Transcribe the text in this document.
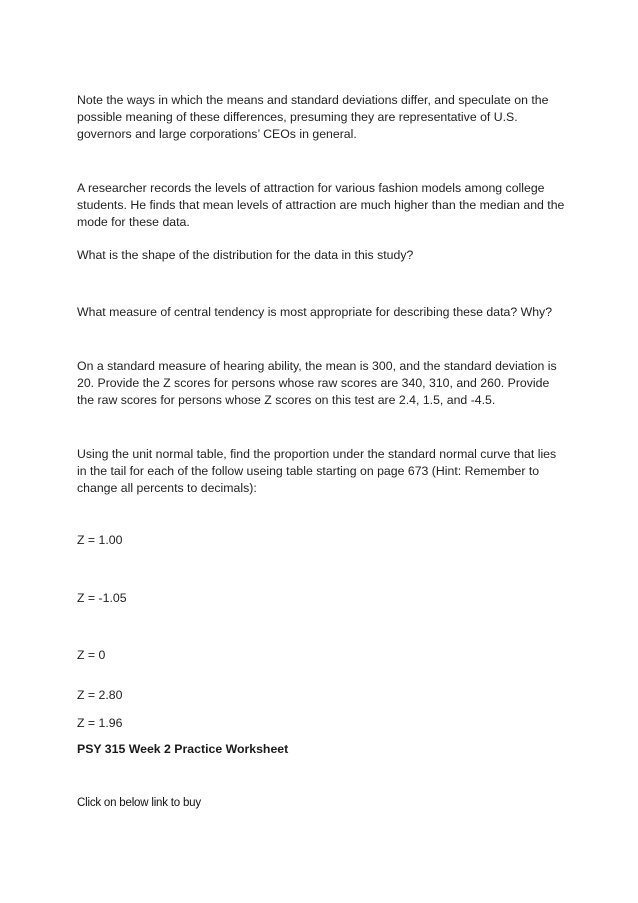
Note the ways in which the means and standard deviations differ, and speculate on the possible meaning of these differences, presuming they are representative of U.S. governors and large corporations’ CEOs in general.

A researcher records the levels of attraction for various fashion models among college students. He finds that mean levels of attraction are much higher than the median and the mode for these data.

What is the shape of the distribution for the data in this study?

What measure of central tendency is most appropriate for describing these data? Why?

On a standard measure of hearing ability, the mean is 300, and the standard deviation is 20. Provide the Z scores for persons whose raw scores are 340, 310, and 260. Provide the raw scores for persons whose Z scores on this test are 2.4, 1.5, and -4.5.

Using the unit normal table, find the proportion under the standard normal curve that lies in the tail for each of the follow useing table starting on page 673 (Hint: Remember to change all percents to decimals):

Z = 1.00

Z = -1.05

Z = 0

Z = 2.80

Z = 1.96

PSY 315 Week 2 Practice Worksheet

Click on below link to buy
